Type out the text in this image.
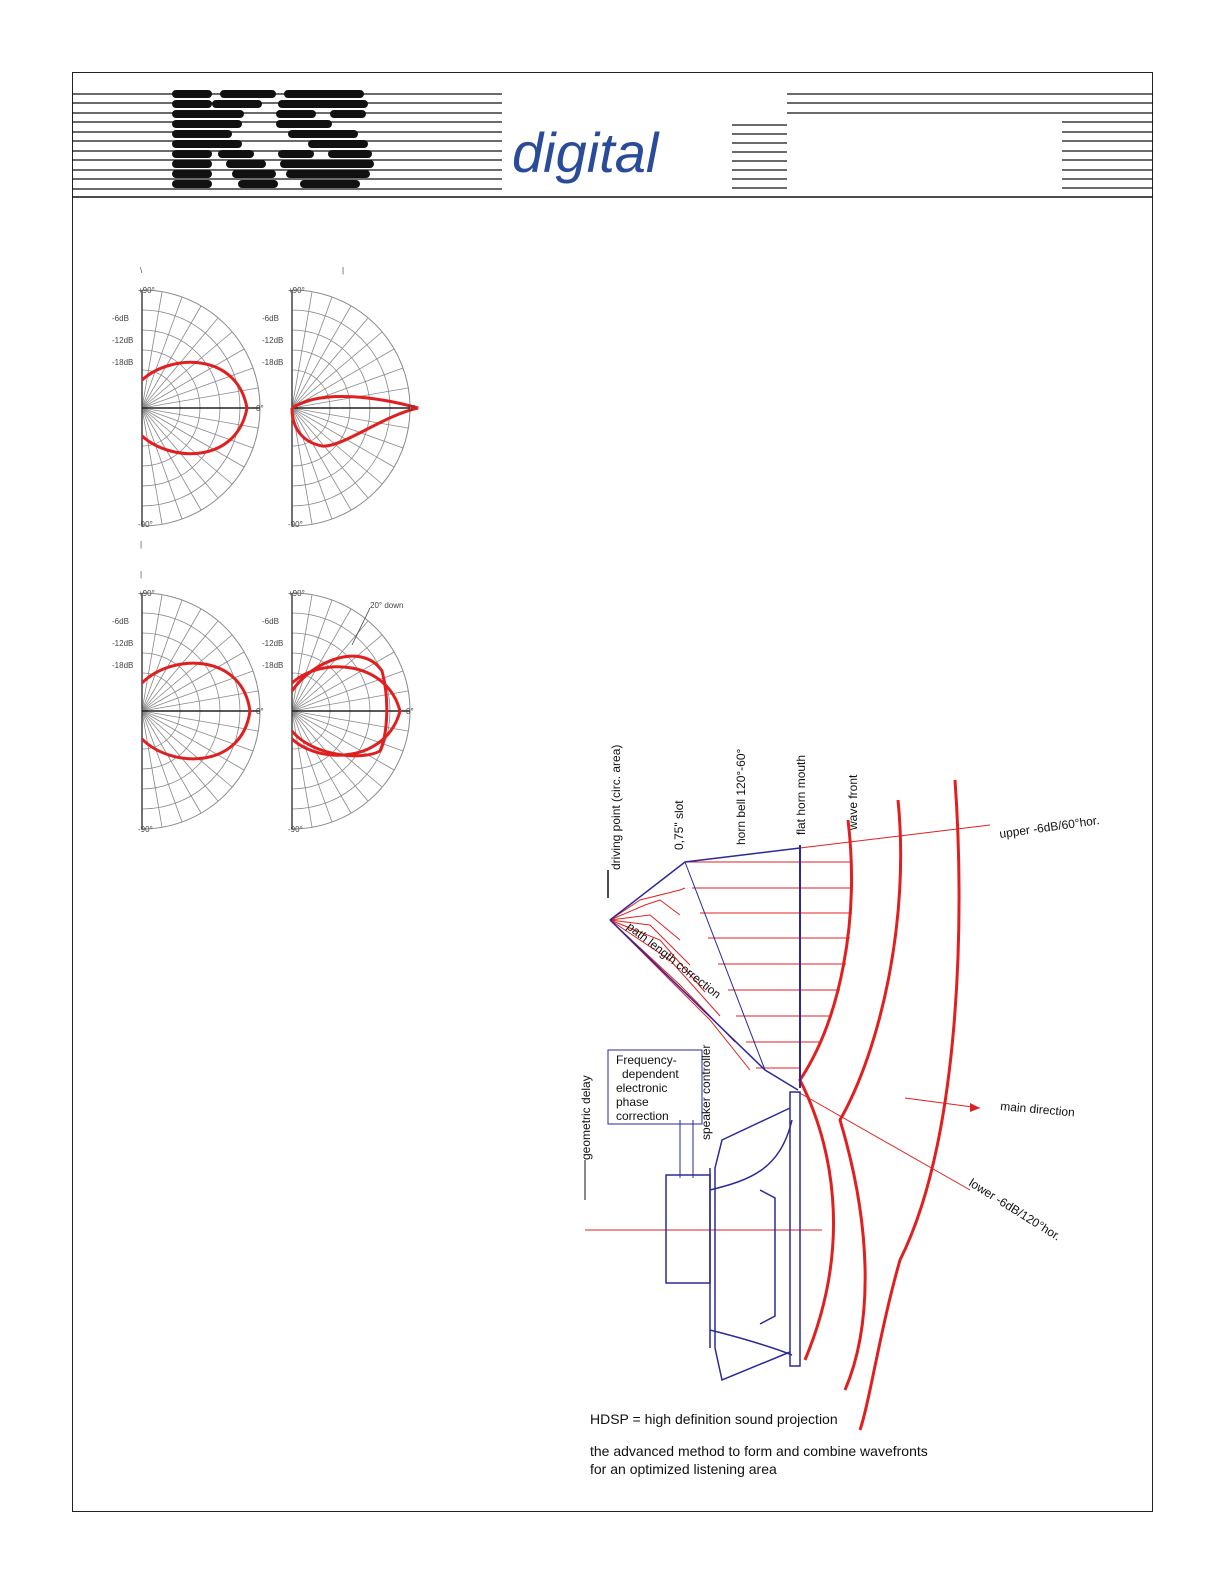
digital
\	|
|
|
+90°
-6dB
-12dB
-18dB
0°
-90°
+90°
-6dB
-12dB
-18dB
0°
-90°
+90°
-6dB
-12dB
-18dB
0°
-90°
+90°
-6dB
-12dB
-18dB
0°
-90°
20° down
driving point (circ. area)	0,75" slot	horn bell 120°-60°	flat horn mouth	wave front	upper -6dB/60°hor.
main direction
lower -6dB/120°hor.
path length correction
geometric delay	speaker controller
Frequency-
dependent
electronic
phase
correction
HDSP = high definition sound projection
the advanced method to form and combine wavefronts
for an optimized listening area
